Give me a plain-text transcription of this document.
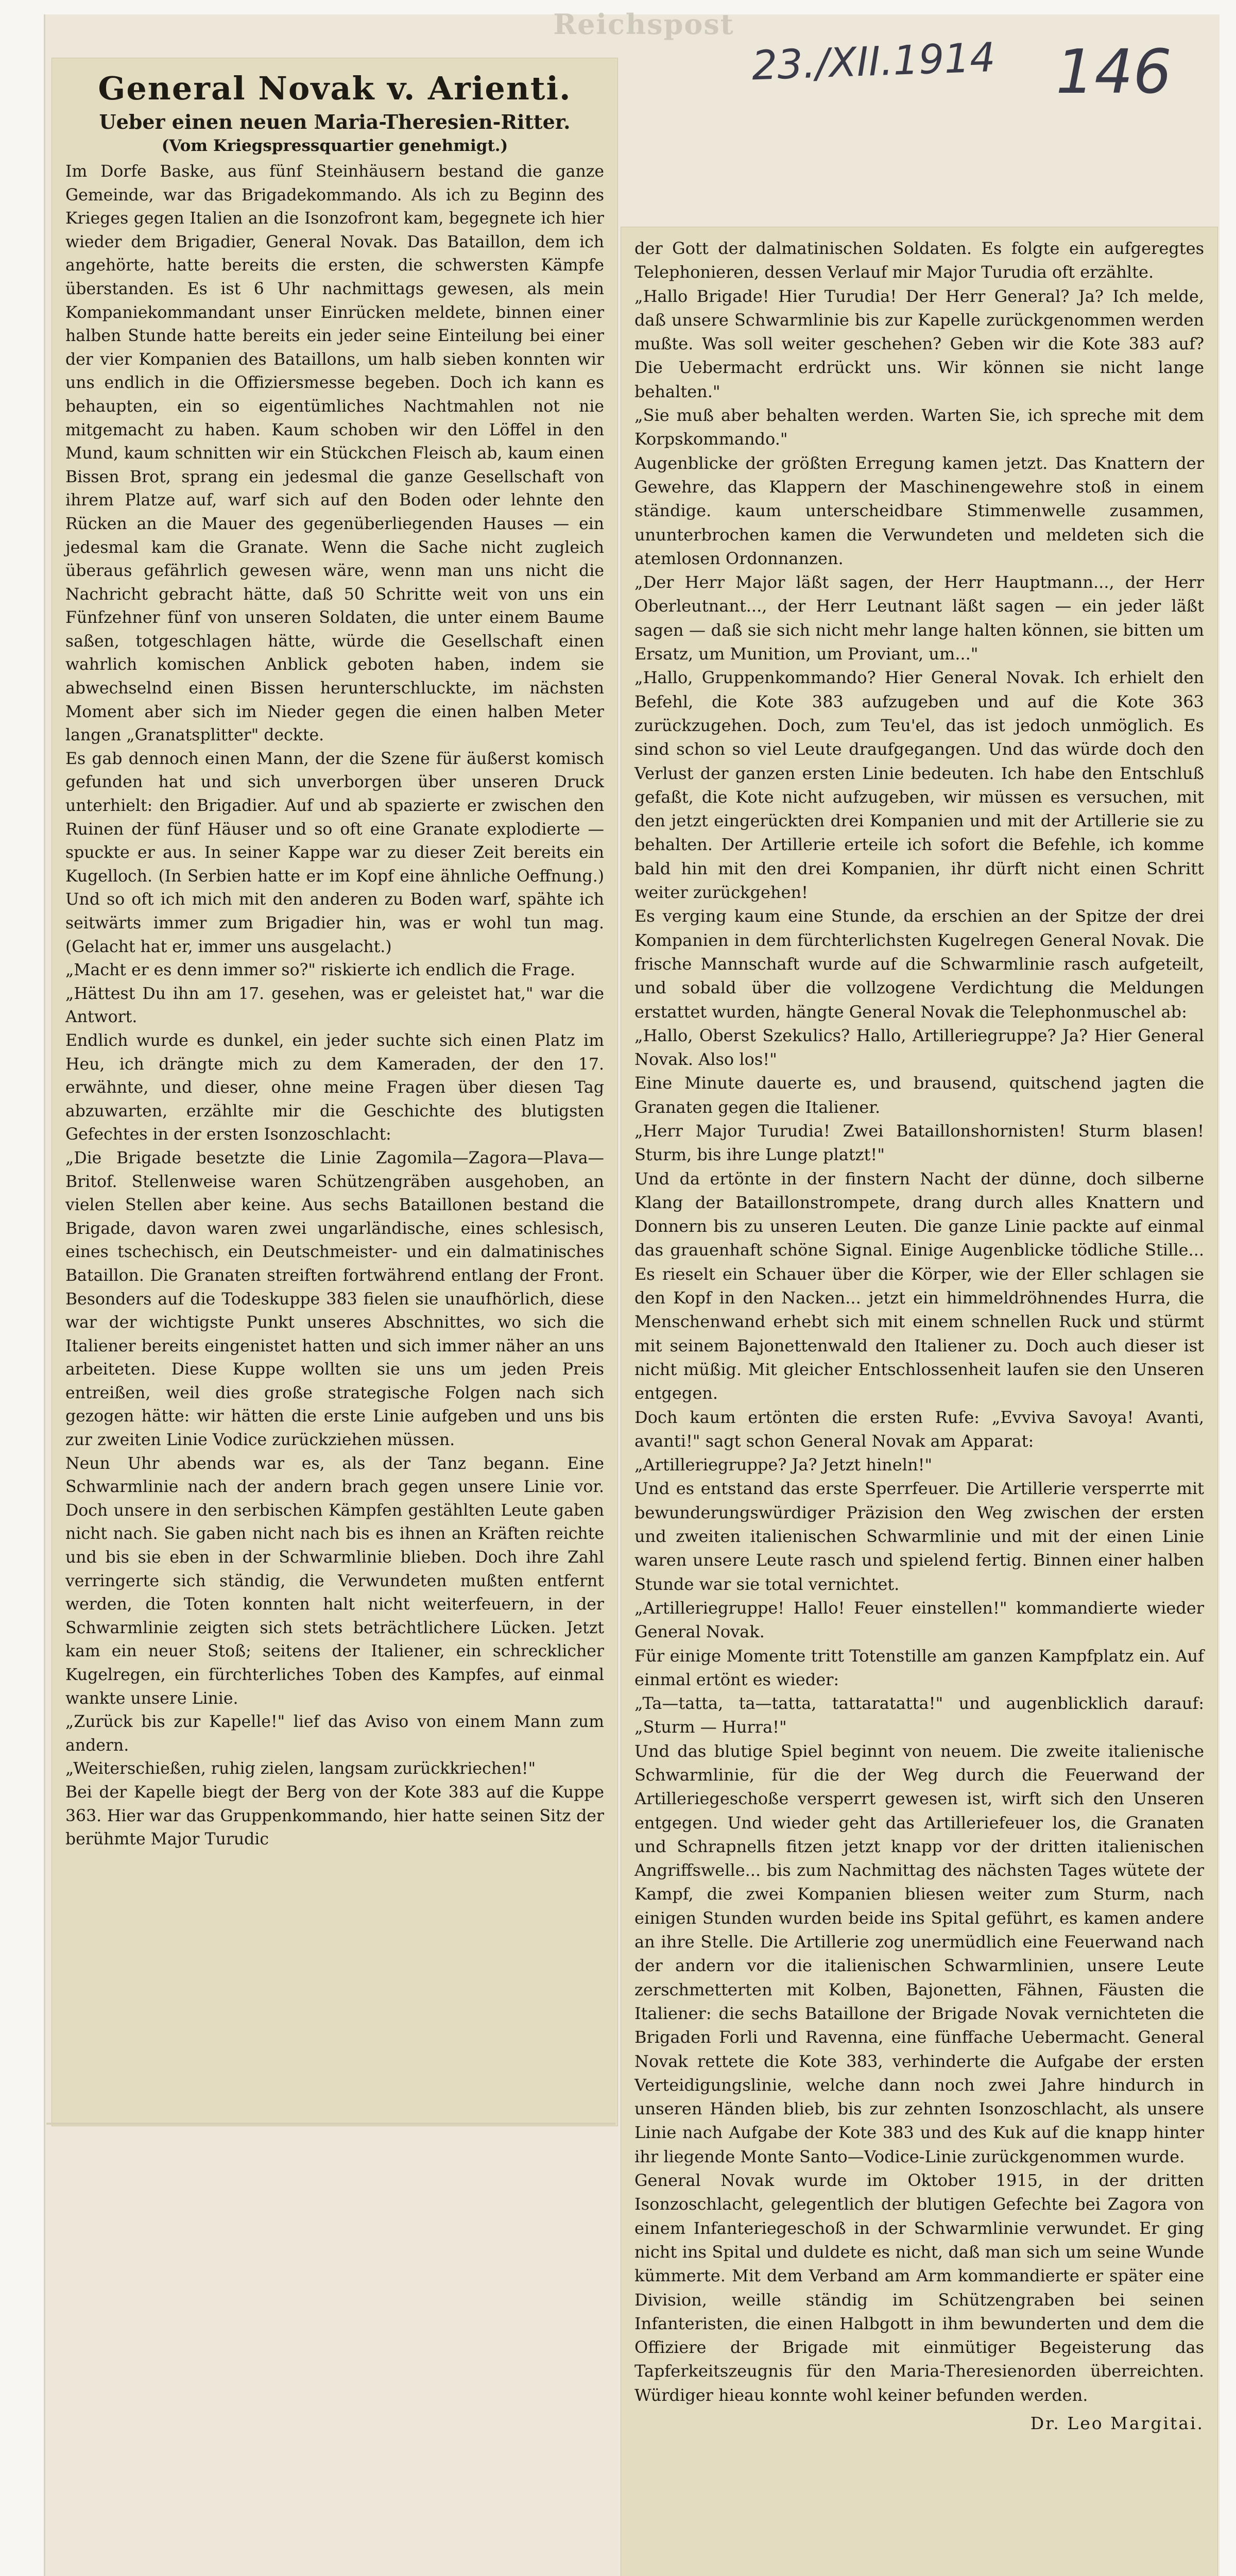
Reichspost
23./XII.1914 146
General Novak v. Arienti.
Ueber einen neuen Maria-Theresien-Ritter.
(Vom Kriegspressquartier genehmigt.)

Im Dorfe Baske, aus fünf Steinhäusern bestand die ganze Gemeinde, war das Brigadekommando. Als ich zu Beginn des Krieges gegen Italien an die Isonzofront kam, begegnete ich hier wieder dem Brigadier, General Novak. Das Bataillon, dem ich angehörte, hatte bereits die ersten, die schwersten Kämpfe überstanden. Es ist 6 Uhr nachmittags gewesen, als mein Kompaniekommandant unser Einrücken meldete, binnen einer halben Stunde hatte bereits ein jeder seine Einteilung bei einer der vier Kompanien des Bataillons, um halb sieben konnten wir uns endlich in die Offiziersmesse begeben. Doch ich kann es behaupten, ein so eigentümliches Nachtmahlen not nie mitgemacht zu haben. Kaum schoben wir den Löffel in den Mund, kaum schnitten wir ein Stückchen Fleisch ab, kaum einen Bissen Brot, sprang ein jedesmal die ganze Gesellschaft von ihrem Platze auf, warf sich auf den Boden oder lehnte den Rücken an die Mauer des gegenüberliegenden Hauses — ein jedesmal kam die Granate. Wenn die Sache nicht zugleich überaus gefährlich gewesen wäre, wenn man uns nicht die Nachricht gebracht hätte, daß 50 Schritte weit von uns ein Fünfzehner fünf von unseren Soldaten, die unter einem Baume saßen, totgeschlagen hätte, würde die Gesellschaft einen wahrlich komischen Anblick geboten haben, indem sie abwechselnd einen Bissen herunterschluckte, im nächsten Moment aber sich im Nieder gegen die einen halben Meter langen „Granatsplitter" deckte.
Es gab dennoch einen Mann, der die Szene für äußerst komisch gefunden hat und sich unverborgen über unseren Druck unterhielt: den Brigadier. Auf und ab spazierte er zwischen den Ruinen der fünf Häuser und so oft eine Granate explodierte — spuckte er aus. In seiner Kappe war zu dieser Zeit bereits ein Kugelloch. (In Serbien hatte er im Kopf eine ähnliche Oeffnung.) Und so oft ich mich mit den anderen zu Boden warf, spähte ich seitwärts immer zum Brigadier hin, was er wohl tun mag. (Gelacht hat er, immer uns ausgelacht.)
„Macht er es denn immer so?" riskierte ich endlich die Frage.
„Hättest Du ihn am 17. gesehen, was er geleistet hat," war die Antwort.
Endlich wurde es dunkel, ein jeder suchte sich einen Platz im Heu, ich drängte mich zu dem Kameraden, der den 17. erwähnte, und dieser, ohne meine Fragen über diesen Tag abzuwarten, erzählte mir die Geschichte des blutigsten Gefechtes in der ersten Isonzoschlacht:
„Die Brigade besetzte die Linie Zagomila—Zagora—Plava—Britof. Stellenweise waren Schützengräben ausgehoben, an vielen Stellen aber keine. Aus sechs Bataillonen bestand die Brigade, davon waren zwei ungarländische, eines schlesisch, eines tschechisch, ein Deutschmeister- und ein dalmatinisches Bataillon. Die Granaten streiften fortwährend entlang der Front. Besonders auf die Todeskuppe 383 fielen sie unaufhörlich, diese war der wichtigste Punkt unseres Abschnittes, wo sich die Italiener bereits eingenistet hatten und sich immer näher an uns arbeiteten. Diese Kuppe wollten sie uns um jeden Preis entreißen, weil dies große strategische Folgen nach sich gezogen hätte: wir hätten die erste Linie aufgeben und uns bis zur zweiten Linie Vodice zurückziehen müssen.
Neun Uhr abends war es, als der Tanz begann. Eine Schwarmlinie nach der andern brach gegen unsere Linie vor. Doch unsere in den serbischen Kämpfen gestählten Leute gaben nicht nach. Sie gaben nicht nach bis es ihnen an Kräften reichte und bis sie eben in der Schwarmlinie blieben. Doch ihre Zahl verringerte sich ständig, die Verwundeten mußten entfernt werden, die Toten konnten halt nicht weiterfeuern, in der Schwarmlinie zeigten sich stets beträchtlichere Lücken. Jetzt kam ein neuer Stoß; seitens der Italiener, ein schrecklicher Kugelregen, ein fürchterliches Toben des Kampfes, auf einmal wankte unsere Linie.
„Zurück bis zur Kapelle!" lief das Aviso von einem Mann zum andern.
„Weiterschießen, ruhig zielen, langsam zurückkriechen!"
Bei der Kapelle biegt der Berg von der Kote 383 auf die Kuppe 363. Hier war das Gruppenkommando, hier hatte seinen Sitz der berühmte Major Turudic

der Gott der dalmatinischen Soldaten. Es folgte ein aufgeregtes Telephonieren, dessen Verlauf mir Major Turudia oft erzählte.
„Hallo Brigade! Hier Turudia! Der Herr General? Ja? Ich melde, daß unsere Schwarmlinie bis zur Kapelle zurückgenommen werden mußte. Was soll weiter geschehen? Geben wir die Kote 383 auf? Die Uebermacht erdrückt uns. Wir können sie nicht lange behalten."
„Sie muß aber behalten werden. Warten Sie, ich spreche mit dem Korpskommando."
Augenblicke der größten Erregung kamen jetzt. Das Knattern der Gewehre, das Klappern der Maschinengewehre stoß in einem ständige. kaum unterscheidbare Stimmenwelle zusammen, ununterbrochen kamen die Verwundeten und meldeten sich die atemlosen Ordonnanzen.
„Der Herr Major läßt sagen, der Herr Hauptmann..., der Herr Oberleutnant..., der Herr Leutnant läßt sagen — ein jeder läßt sagen — daß sie sich nicht mehr lange halten können, sie bitten um Ersatz, um Munition, um Proviant, um..."
„Hallo, Gruppenkommando? Hier General Novak. Ich erhielt den Befehl, die Kote 383 aufzugeben und auf die Kote 363 zurückzugehen. Doch, zum Teu'el, das ist jedoch unmöglich. Es sind schon so viel Leute draufgegangen. Und das würde doch den Verlust der ganzen ersten Linie bedeuten. Ich habe den Entschluß gefaßt, die Kote nicht aufzugeben, wir müssen es versuchen, mit den jetzt eingerückten drei Kompanien und mit der Artillerie sie zu behalten. Der Artillerie erteile ich sofort die Befehle, ich komme bald hin mit den drei Kompanien, ihr dürft nicht einen Schritt weiter zurückgehen!
Es verging kaum eine Stunde, da erschien an der Spitze der drei Kompanien in dem fürchterlichsten Kugelregen General Novak. Die frische Mannschaft wurde auf die Schwarmlinie rasch aufgeteilt, und sobald über die vollzogene Verdichtung die Meldungen erstattet wurden, hängte General Novak die Telephonmuschel ab:
„Hallo, Oberst Szekulics? Hallo, Artilleriegruppe? Ja? Hier General Novak. Also los!"
Eine Minute dauerte es, und brausend, quitschend jagten die Granaten gegen die Italiener.
„Herr Major Turudia! Zwei Bataillonshornisten! Sturm blasen! Sturm, bis ihre Lunge platzt!"
Und da ertönte in der finstern Nacht der dünne, doch silberne Klang der Bataillonstrompete, drang durch alles Knattern und Donnern bis zu unseren Leuten. Die ganze Linie packte auf einmal das grauenhaft schöne Signal. Einige Augenblicke tödliche Stille... Es rieselt ein Schauer über die Körper, wie der Eller schlagen sie den Kopf in den Nacken... jetzt ein himmeldröhnendes Hurra, die Menschenwand erhebt sich mit einem schnellen Ruck und stürmt mit seinem Bajonettenwald den Italiener zu. Doch auch dieser ist nicht müßig. Mit gleicher Entschlossenheit laufen sie den Unseren entgegen.
Doch kaum ertönten die ersten Rufe: „Evviva Savoya! Avanti, avanti!" sagt schon General Novak am Apparat:
„Artilleriegruppe? Ja? Jetzt hineln!"
Und es entstand das erste Sperrfeuer. Die Artillerie versperrte mit bewunderungswürdiger Präzision den Weg zwischen der ersten und zweiten italienischen Schwarmlinie und mit der einen Linie waren unsere Leute rasch und spielend fertig. Binnen einer halben Stunde war sie total vernichtet.
„Artilleriegruppe! Hallo! Feuer einstellen!" kommandierte wieder General Novak.
Für einige Momente tritt Totenstille am ganzen Kampfplatz ein. Auf einmal ertönt es wieder:
„Ta—tatta, ta—tatta, tattaratatta!" und augenblicklich darauf: „Sturm — Hurra!"
Und das blutige Spiel beginnt von neuem. Die zweite italienische Schwarmlinie, für die der Weg durch die Feuerwand der Artilleriegeschoße versperrt gewesen ist, wirft sich den Unseren entgegen. Und wieder geht das Artilleriefeuer los, die Granaten und Schrapnells fitzen jetzt knapp vor der dritten italienischen Angriffswelle... bis zum Nachmittag des nächsten Tages wütete der Kampf, die zwei Kompanien bliesen weiter zum Sturm, nach einigen Stunden wurden beide ins Spital geführt, es kamen andere an ihre Stelle. Die Artillerie zog unermüdlich eine Feuerwand nach der andern vor die italienischen Schwarmlinien, unsere Leute zerschmetterten mit Kolben, Bajonetten, Fähnen, Fäusten die Italiener: die sechs Bataillone der Brigade Novak vernichteten die Brigaden Forli und Ravenna, eine fünffache Uebermacht. General Novak rettete die Kote 383, verhinderte die Aufgabe der ersten Verteidigungslinie, welche dann noch zwei Jahre hindurch in unseren Händen blieb, bis zur zehnten Isonzoschlacht, als unsere Linie nach Aufgabe der Kote 383 und des Kuk auf die knapp hinter ihr liegende Monte Santo—Vodice-Linie zurückgenommen wurde.
General Novak wurde im Oktober 1915, in der dritten Isonzoschlacht, gelegentlich der blutigen Gefechte bei Zagora von einem Infanteriegeschoß in der Schwarmlinie verwundet. Er ging nicht ins Spital und duldete es nicht, daß man sich um seine Wunde kümmerte. Mit dem Verband am Arm kommandierte er später eine Division, weille ständig im Schützengraben bei seinen Infanteristen, die einen Halbgott in ihm bewunderten und dem die Offiziere der Brigade mit einmütiger Begeisterung das Tapferkeitszeugnis für den Maria-Theresienorden überreichten. Würdiger hieau konnte wohl keiner befunden werden.

Dr. Leo Margitai.
